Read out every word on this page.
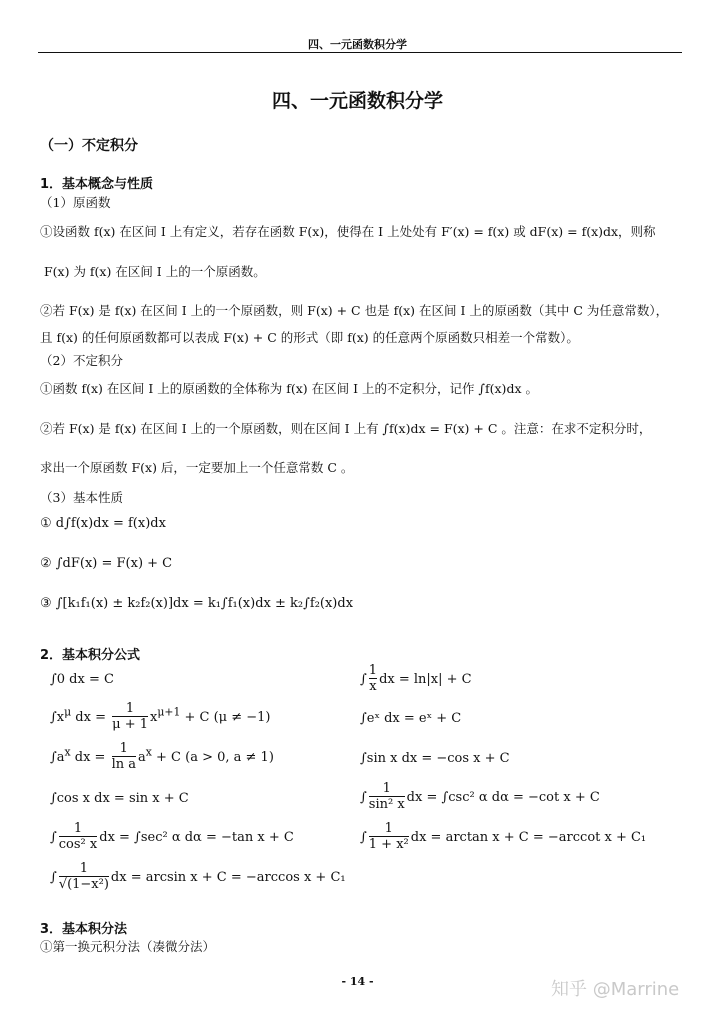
四、一元函数积分学
四、一元函数积分学
（一）不定积分
1．基本概念与性质
（1）原函数
①设函数 f(x) 在区间 I 上有定义，若存在函数 F(x)，使得在 I 上处处有 F′(x) = f(x) 或 dF(x) = f(x)dx，则称
F(x) 为 f(x) 在区间 I 上的一个原函数。
②若 F(x) 是 f(x) 在区间 I 上的一个原函数，则 F(x) + C 也是 f(x) 在区间 I 上的原函数（其中 C 为任意常数），
且 f(x) 的任何原函数都可以表成 F(x) + C 的形式（即 f(x) 的任意两个原函数只相差一个常数）。
（2）不定积分
①函数 f(x) 在区间 I 上的原函数的全体称为 f(x) 在区间 I 上的不定积分，记作 ∫f(x)dx 。
②若 F(x) 是 f(x) 在区间 I 上的一个原函数，则在区间 I 上有 ∫f(x)dx = F(x) + C 。注意：在求不定积分时，
求出一个原函数 F(x) 后，一定要加上一个任意常数 C 。
（3）基本性质
① d∫f(x)dx = f(x)dx
② ∫dF(x) = F(x) + C
③ ∫[k₁f₁(x) ± k₂f₂(x)]dx = k₁∫f₁(x)dx ± k₂∫f₂(x)dx
2．基本积分公式
∫0 dx = C
$\int x^\mu$ dx = $\frac{1}{\mu + 1} x^{\mu+1} + C$ (μ ≠ −1)
$\int a^x$ dx = $\frac{1}{\text{ln a}} a^x + C$ (a > 0, a ≠ 1)
∫cos x dx = sin x + C
∫ $\frac{1}{\text{cos² x}}$ dx = ∫sec² α dα = −tan x + C
∫ $\frac{1}{\text{√(1−x²)}}$ dx = arcsin x + C = −arccos x + C₁
∫ $\frac{1}{x}$ dx = ln|x| + C
∫eˣ dx = eˣ + C
∫sin x dx = −cos x + C
∫ $\frac{1}{\text{sin² x}}$ dx = ∫csc² α dα = −cot x + C
∫ $\frac{1}{\text{1 + x²}}$ dx = arctan x + C = −arccot x + C₁
3．基本积分法
①第一换元积分法（凑微分法）
- 14 -	知乎 @Marrine
